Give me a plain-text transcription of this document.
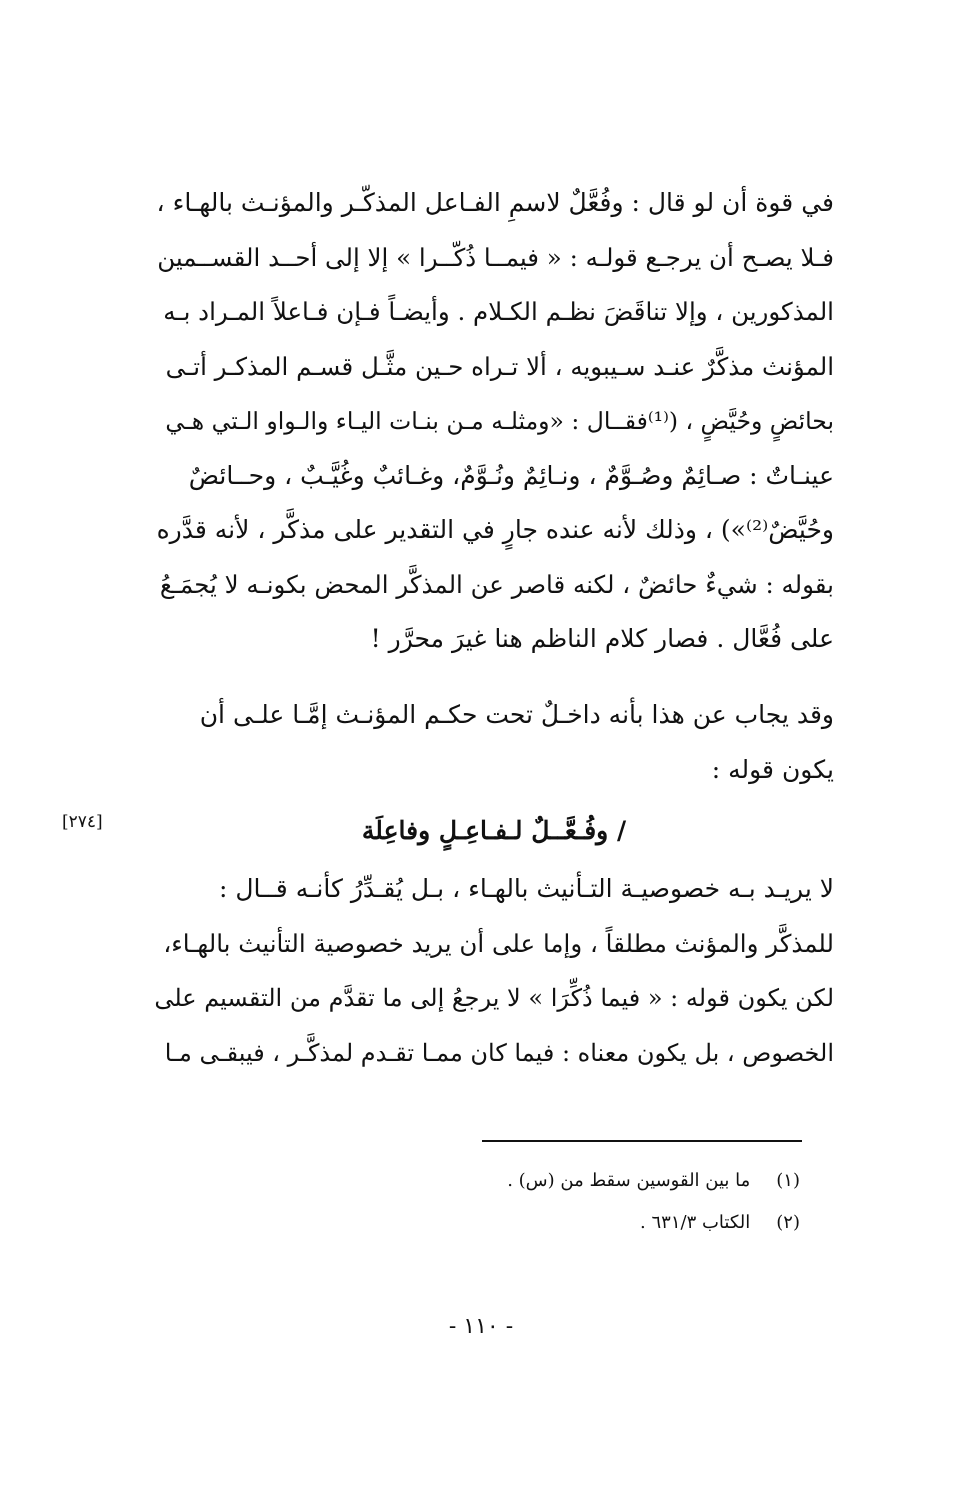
في قوة أن لو قال : وفُعَّلٌ لاسمِ الفـاعل المذكّـر والمؤنـث بالهـاء ،
فـلا يصـح أن يرجـع قولـه : « فيمــا ذُكّــرا » إلا إلى أحــد القســمين
المذكورين ، وإلا تناقَضَ نظـم الكـلام . وأيضـاً فـإن فـاعلاً المـراد بـه
المؤنث مذكَّرٌ عنـد سـيبويه ، ألا تـراه حـين مثَّـل قسـم المذكـر أتـى
بحائضٍ وحُيَّضٍ ، (⁽¹⁾فقــال : «ومثلـه مـن بنـات اليـاء والـواو الـتي هـي
عينـاتٌ : صـائِمٌ وصُـوَّمٌ ، ونـائِمٌ ونُـوَّمٌ، وغـائبٌ وغُيَّـبٌ ، وحــائضٌ
وحُيَّضٌ⁽²⁾») ، وذلك لأنه عنده جارٍ في التقدير على مذكَّر ، لأنه قدَّره
بقوله : شيءٌ حائضٌ ، لكنه قاصر عن المذكَّر المحض بكونـه لا يُجمَـعُ
على فُعَّال . فصار كلام الناظم هنا غيرَ محرَّر !
وقد يجاب عن هذا بأنه داخـلٌ تحت حكـم المؤنـث إمَّـا علـى أن
يكون قوله :
/ وفُـعَّــلٌ لـفـاعِـلٍ وفاعِلَة
[٢٧٤]
لا يريـد بـه خصوصيـة التـأنيث بالهـاء ، بـل يُقـدِّرُ كأنـه قــال :
للمذكَّر والمؤنث مطلقاً ، وإما على أن يريد خصوصية التأنيث بالهـاء،
لكن يكون قوله : « فيما ذُكِّرَا » لا يرجعُ إلى ما تقدَّم من التقسيم على
الخصوص ، بل يكون معناه : فيما كان ممـا تقـدم لمذكَّـر ، فيبقـى مـا
(١) ما بين القوسين سقط من (س) .
(٢) الكتاب ٦٣١/٣ .
- ١١٠ -
